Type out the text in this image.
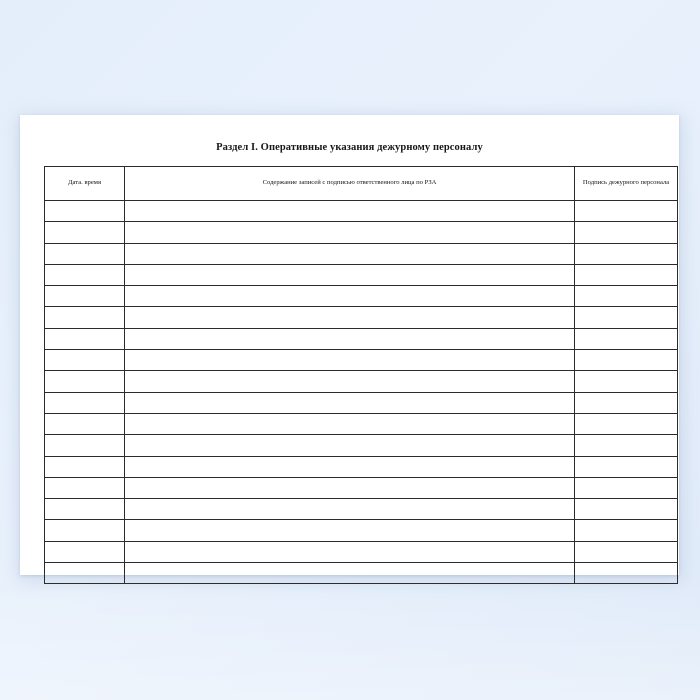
Раздел I. Оперативные указания дежурному персоналу
Дата. время	Содержание записей с подписью ответственного лица по РЗА	Подпись дежурного персонала
